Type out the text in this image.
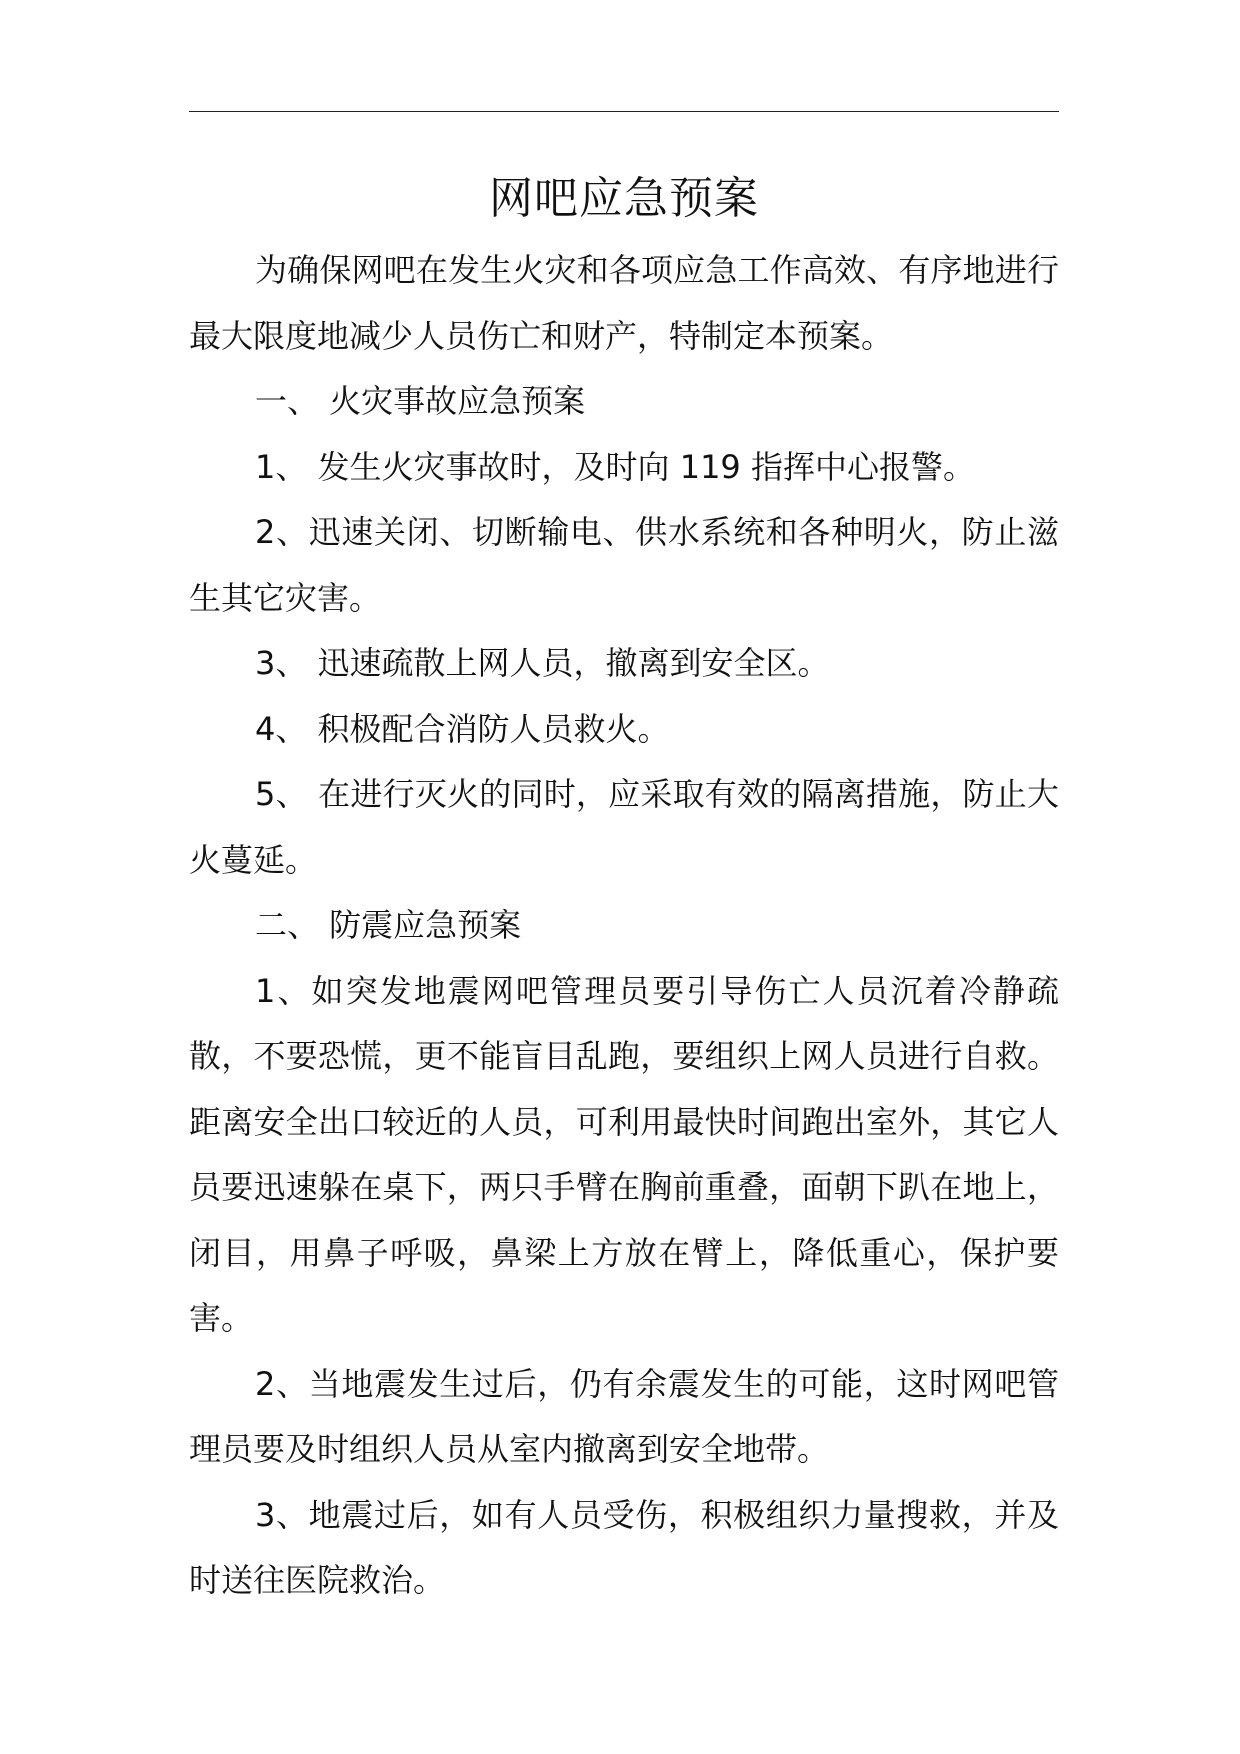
网吧应急预案

为确保网吧在发生火灾和各项应急工作高效、有序地进行最大限度地减少人员伤亡和财产，特制定本预案。

一、 火灾事故应急预案

1、 发生火灾事故时，及时向 119 指挥中心报警。

2、迅速关闭、切断输电、供水系统和各种明火，防止滋生其它灾害。

3、 迅速疏散上网人员，撤离到安全区。

4、 积极配合消防人员救火。

5、 在进行灭火的同时，应采取有效的隔离措施，防止大火蔓延。

二、 防震应急预案

1、如突发地震网吧管理员要引导伤亡人员沉着冷静疏散，不要恐慌，更不能盲目乱跑，要组织上网人员进行自救。距离安全出口较近的人员，可利用最快时间跑出室外，其它人员要迅速躲在桌下，两只手臂在胸前重叠，面朝下趴在地上，闭目，用鼻子呼吸，鼻梁上方放在臂上，降低重心，保护要害。

2、当地震发生过后，仍有余震发生的可能，这时网吧管理员要及时组织人员从室内撤离到安全地带。

3、地震过后，如有人员受伤，积极组织力量搜救，并及时送往医院救治。
